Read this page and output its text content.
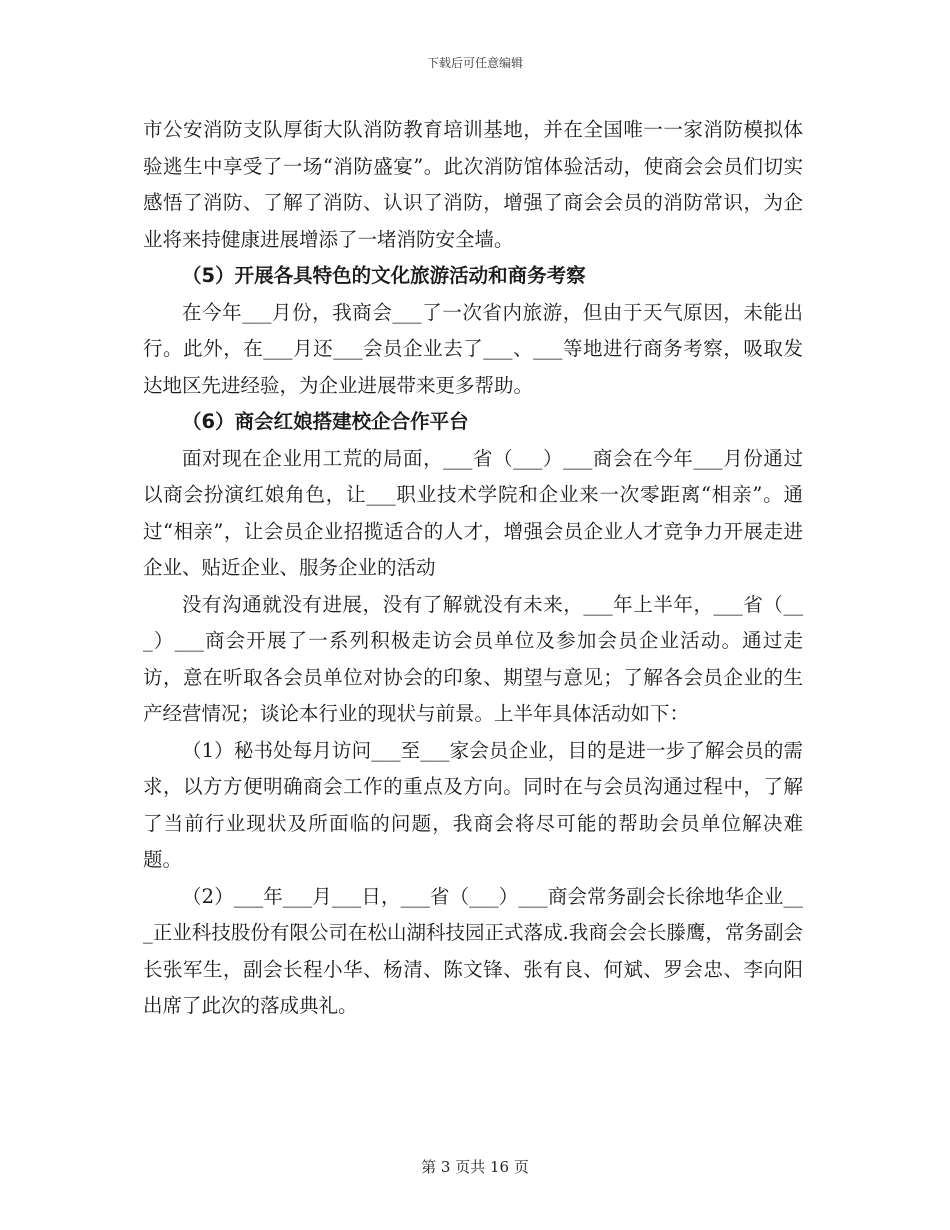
下载后可任意编辑

市公安消防支队厚街大队消防教育培训基地，并在全国唯一一家消防模拟体验逃生中享受了一场“消防盛宴”。此次消防馆体验活动，使商会会员们切实感悟了消防、了解了消防、认识了消防，增强了商会会员的消防常识，为企业将来持健康进展增添了一堵消防安全墙。

（5）开展各具特色的文化旅游活动和商务考察

在今年___月份，我商会___了一次省内旅游，但由于天气原因，未能出行。此外，在___月还___会员企业去了___、___等地进行商务考察，吸取发达地区先进经验，为企业进展带来更多帮助。

（6）商会红娘搭建校企合作平台

面对现在企业用工荒的局面，___省（___）___商会在今年___月份通过以商会扮演红娘角色，让___职业技术学院和企业来一次零距离“相亲”。通过“相亲”，让会员企业招揽适合的人才，增强会员企业人才竞争力开展走进企业、贴近企业、服务企业的活动

没有沟通就没有进展，没有了解就没有未来，___年上半年，___省（___）___商会开展了一系列积极走访会员单位及参加会员企业活动。通过走访，意在听取各会员单位对协会的印象、期望与意见；了解各会员企业的生产经营情况；谈论本行业的现状与前景。上半年具体活动如下：

（1）秘书处每月访问___至___家会员企业，目的是进一步了解会员的需求，以方方便明确商会工作的重点及方向。同时在与会员沟通过程中，了解了当前行业现状及所面临的问题，我商会将尽可能的帮助会员单位解决难题。

（2）___年___月___日，___省（___）___商会常务副会长徐地华企业___正业科技股份有限公司在松山湖科技园正式落成.我商会会长滕鹰，常务副会长张军生，副会长程小华、杨清、陈文锋、张有良、何斌、罗会忠、李向阳出席了此次的落成典礼。

第 3 页共 16 页
